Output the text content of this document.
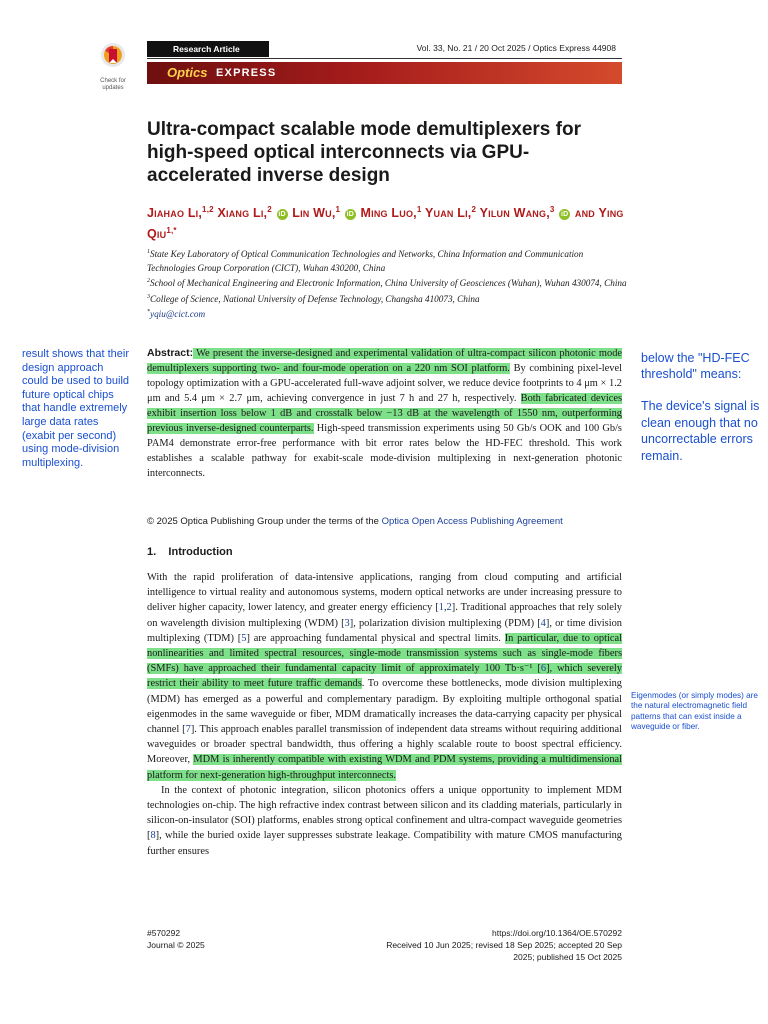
Check for updates
Research Article	Vol. 33, No. 21 / 20 Oct 2025 / Optics Express 44908
Optics EXPRESS
Ultra-compact scalable mode demultiplexers for high-speed optical interconnects via GPU-accelerated inverse design
Jiahao Li,$^{1,2}$ Xiang Li,$^2$ iD Lin Wu,$^1$ iD Ming Luo,$^1$ Yuan Li,$^2$ Yilun Wang,$^3$ iD and Ying Qiu$^{1,*}$
$^1$State Key Laboratory of Optical Communication Technologies and Networks, China Information and Communication Technologies Group Corporation (CICT), Wuhan 430200, China
$^2$School of Mechanical Engineering and Electronic Information, China University of Geosciences (Wuhan), Wuhan 430074, China
$^3$College of Science, National University of Defense Technology, Changsha 410073, China
*yqiu@cict.com
Abstract: We present the inverse-designed and experimental validation of ultra-compact silicon photonic mode demultiplexers supporting two- and four-mode operation on a 220 nm SOI platform. By combining pixel-level topology optimization with a GPU-accelerated full-wave adjoint solver, we reduce device footprints to 4 μm × 1.2 μm and 5.4 μm × 2.7 μm, achieving convergence in just 7 h and 27 h, respectively. Both fabricated devices exhibit insertion loss below 1 dB and crosstalk below −13 dB at the wavelength of 1550 nm, outperforming previous inverse-designed counterparts. High-speed transmission experiments using 50 Gb/s OOK and 100 Gb/s PAM4 demonstrate error-free performance with bit error rates below the HD-FEC threshold. This work establishes a scalable pathway for exabit-scale mode-division multiplexing in next-generation photonic interconnects.
© 2025 Optica Publishing Group under the terms of the Optica Open Access Publishing Agreement
1. Introduction

With the rapid proliferation of data-intensive applications, ranging from cloud computing and artificial intelligence to virtual reality and autonomous systems, modern optical networks are under increasing pressure to deliver higher capacity, lower latency, and greater energy efficiency [1,2]. Traditional approaches that rely solely on wavelength division multiplexing (WDM) [3], polarization division multiplexing (PDM) [4], or time division multiplexing (TDM) [5] are approaching fundamental physical and spectral limits. In particular, due to optical nonlinearities and limited spectral resources, single-mode transmission systems such as single-mode fibers (SMFs) have approached their fundamental capacity limit of approximately 100 Tb·s⁻¹ [6], which severely restrict their ability to meet future traffic demands. To overcome these bottlenecks, mode division multiplexing (MDM) has emerged as a powerful and complementary paradigm. By exploiting multiple orthogonal spatial eigenmodes in the same waveguide or fiber, MDM dramatically increases the data-carrying capacity per physical channel [7]. This approach enables parallel transmission of independent data streams without requiring additional waveguides or broader spectral bandwidth, thus offering a highly scalable route to boost spectral efficiency. Moreover, MDM is inherently compatible with existing WDM and PDM systems, providing a multidimensional platform for next-generation high-throughput interconnects.

In the context of photonic integration, silicon photonics offers a unique opportunity to implement MDM technologies on-chip. The high refractive index contrast between silicon and its cladding materials, particularly in silicon-on-insulator (SOI) platforms, enables strong optical confinement and ultra-compact waveguide geometries [8], while the buried oxide layer suppresses substrate leakage. Compatibility with mature CMOS manufacturing further ensures

#570292
Journal © 2025
https://doi.org/10.1364/OE.570292
Received 10 Jun 2025; revised 18 Sep 2025; accepted 20 Sep 2025; published 15 Oct 2025
result shows that their design approach could be used to build future optical chips that handle extremely large data rates (exabit per second) using mode-division multiplexing.
below the "HD-FEC threshold" means:
The device's signal is clean enough that no uncorrectable errors remain.
Eigenmodes (or simply modes) are the natural electromagnetic field patterns that can exist inside a waveguide or fiber.
